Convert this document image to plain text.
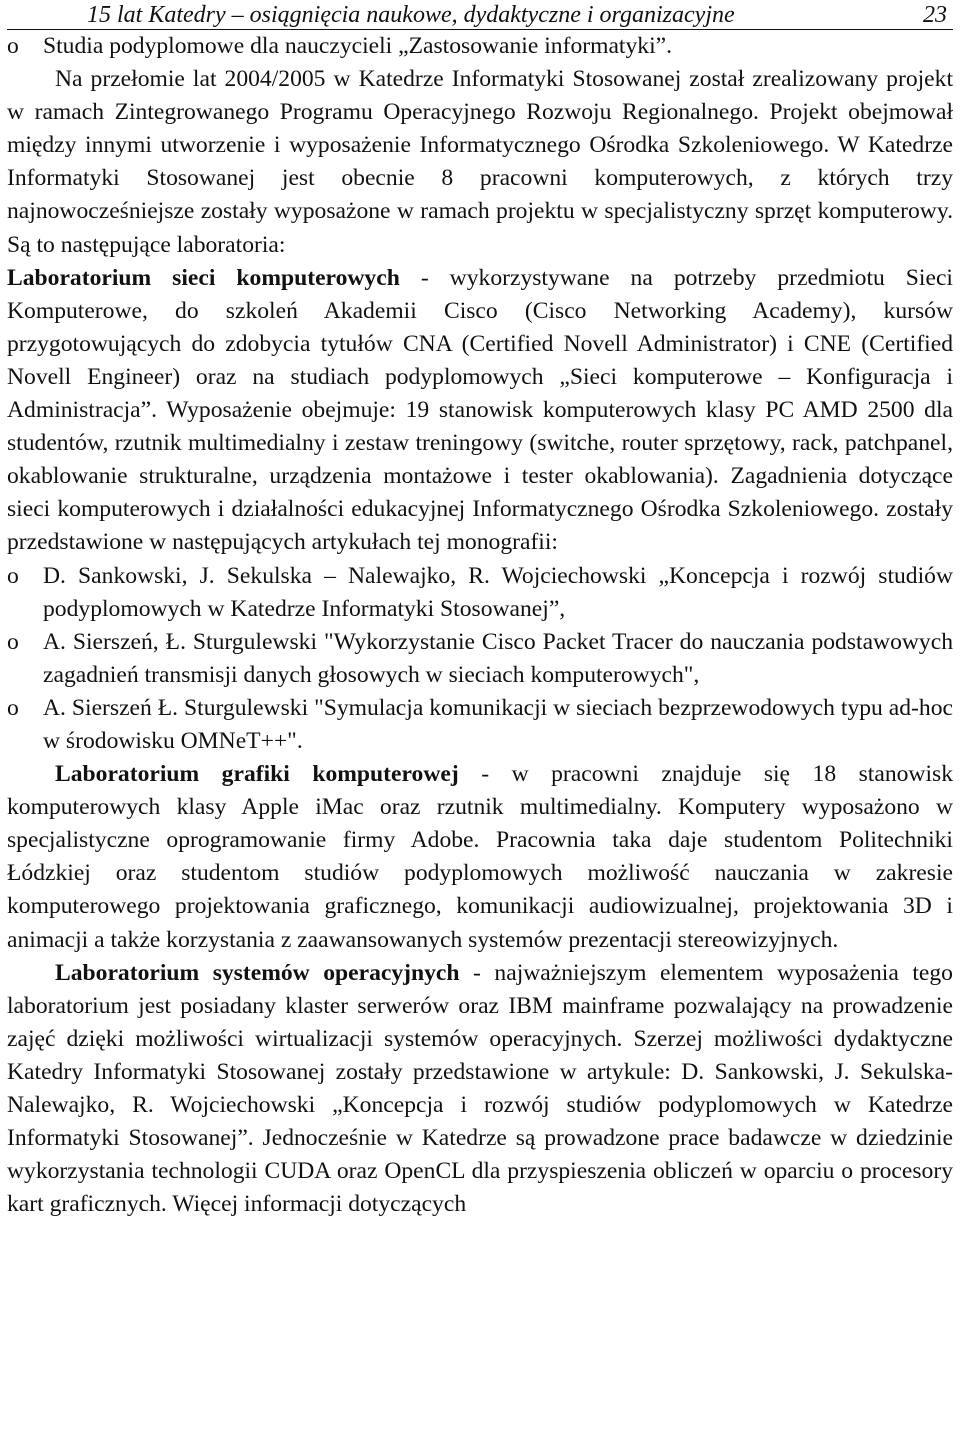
15 lat Katedry – osiągnięcia naukowe, dydaktyczne i organizacyjne	23

o Studia podyplomowe dla nauczycieli „Zastosowanie informatyki”.

Na przełomie lat 2004/2005 w Katedrze Informatyki Stosowanej został zrealizowany projekt w ramach Zintegrowanego Programu Operacyjnego Rozwoju Regionalnego. Projekt obejmował między innymi utworzenie i wyposażenie Informatycznego Ośrodka Szkoleniowego. W Katedrze Informatyki Stosowanej jest obecnie 8 pracowni komputerowych, z których trzy najnowocześniejsze zostały wyposażone w ramach projektu w specjalistyczny sprzęt komputerowy. Są to następujące laboratoria:

Laboratorium sieci komputerowych - wykorzystywane na potrzeby przedmiotu Sieci Komputerowe, do szkoleń Akademii Cisco (Cisco Networking Academy), kursów przygotowujących do zdobycia tytułów CNA (Certified Novell Administrator) i CNE (Certified Novell Engineer) oraz na studiach podyplomowych „Sieci komputerowe – Konfiguracja i Administracja”. Wyposażenie obejmuje: 19 stanowisk komputerowych klasy PC AMD 2500 dla studentów, rzutnik multimedialny i zestaw treningowy (switche, router sprzętowy, rack, patchpanel, okablowanie strukturalne, urządzenia montażowe i tester okablowania). Zagadnienia dotyczące sieci komputerowych i działalności edukacyjnej Informatycznego Ośrodka Szkoleniowego. zostały przedstawione w następujących artykułach tej monografii:

o D. Sankowski, J. Sekulska – Nalewajko, R. Wojciechowski „Koncepcja i rozwój studiów podyplomowych w Katedrze Informatyki Stosowanej”,

o A. Sierszeń, Ł. Sturgulewski "Wykorzystanie Cisco Packet Tracer do nauczania podstawowych zagadnień transmisji danych głosowych w sieciach komputerowych",

o A. Sierszeń Ł. Sturgulewski "Symulacja komunikacji w sieciach bezprzewodowych typu ad-hoc w środowisku OMNeT++".

Laboratorium grafiki komputerowej - w pracowni znajduje się 18 stanowisk komputerowych klasy Apple iMac oraz rzutnik multimedialny. Komputery wyposażono w specjalistyczne oprogramowanie firmy Adobe. Pracownia taka daje studentom Politechniki Łódzkiej oraz studentom studiów podyplomowych możliwość nauczania w zakresie komputerowego projektowania graficznego, komunikacji audiowizualnej, projektowania 3D i animacji a także korzystania z zaawansowanych systemów prezentacji stereowizyjnych.

Laboratorium systemów operacyjnych - najważniejszym elementem wyposażenia tego laboratorium jest posiadany klaster serwerów oraz IBM mainframe pozwalający na prowadzenie zajęć dzięki możliwości wirtualizacji systemów operacyjnych. Szerzej możliwości dydaktyczne Katedry Informatyki Stosowanej zostały przedstawione w artykule: D. Sankowski, J. Sekulska-Nalewajko, R. Wojciechowski „Koncepcja i rozwój studiów podyplomowych w Katedrze Informatyki Stosowanej”. Jednocześnie w Katedrze są prowadzone prace badawcze w dziedzinie wykorzystania technologii CUDA oraz OpenCL dla przyspieszenia obliczeń w oparciu o procesory kart graficznych. Więcej informacji dotyczących
